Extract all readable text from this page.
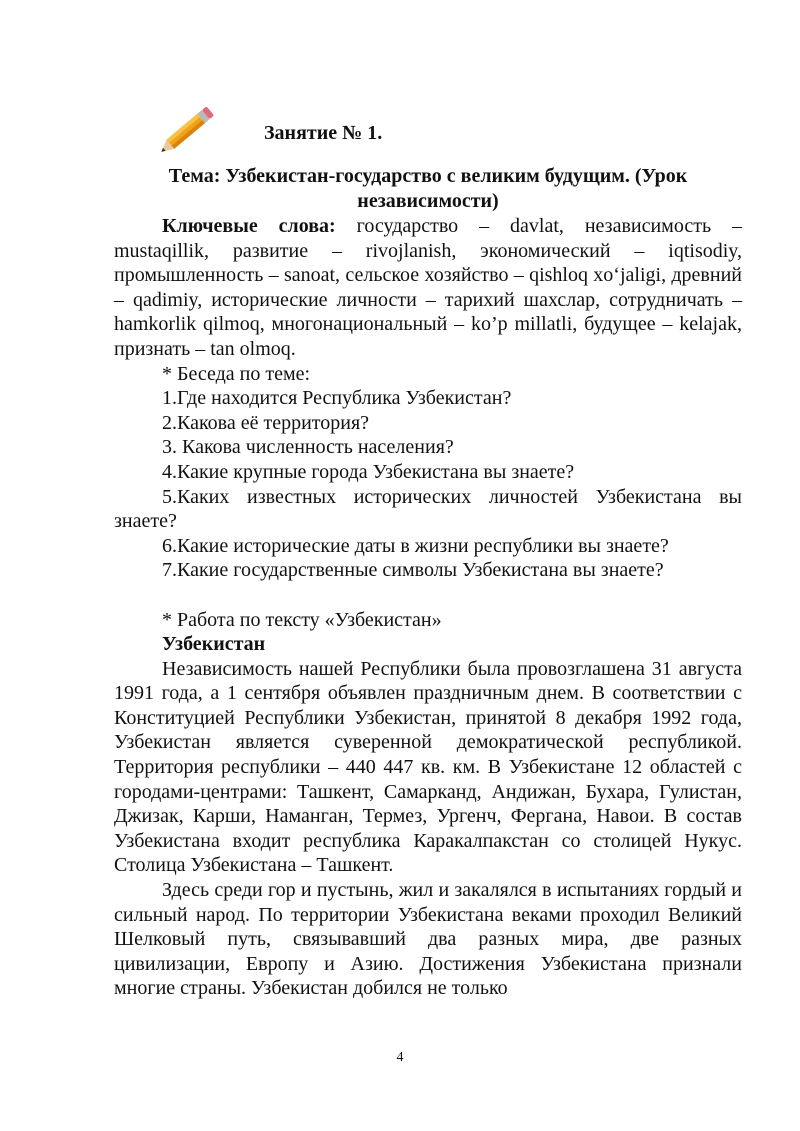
Занятие № 1.
Тема: Узбекистан-государство с великим будущим. (Урок независимости)

Ключевые слова: государство – davlat, независимость – mustaqillik, развитие – rivojlanish, экономический – iqtisodiy, промышленность – sanoat, сельское хозяйство – qishloq xo‘jaligi, древний – qadimiy, исторические личности – тарихий шахслар, сотрудничать – hamkorlik qilmoq, многонациональный – ko’p millatli, будущее – kelajak, признать – tan olmoq.

* Беседа по теме:

1.Где находится Республика Узбекистан?

2.Какова её территория?

3. Какова численность населения?

4.Какие крупные города Узбекистана вы знаете?

5.Каких известных исторических личностей Узбекистана вы знаете?

6.Какие исторические даты в жизни республики вы знаете?

7.Какие государственные символы Узбекистана вы знаете?

* Работа по тексту «Узбекистан»

Узбекистан

Независимость нашей Республики была провозглашена 31 августа 1991 года, а 1 сентября объявлен праздничным днем. В соответствии с Конституцией Республики Узбекистан, принятой 8 декабря 1992 года, Узбекистан является суверенной демократической республикой. Территория республики – 440 447 кв. км. В Узбекистане 12 областей с городами-центрами: Ташкент, Самарканд, Андижан, Бухара, Гулистан, Джизак, Карши, Наманган, Термез, Ургенч, Фергана, Навои. В состав Узбекистана входит республика Каракалпакстан со столицей Нукус. Столица Узбекистана – Ташкент.

Здесь среди гор и пустынь, жил и закалялся в испытаниях гордый и сильный народ. По территории Узбекистана веками проходил Великий Шелковый путь, связывавший два разных мира, две разных цивилизации, Европу и Азию. Достижения Узбекистана признали многие страны. Узбекистан добился не только

4
